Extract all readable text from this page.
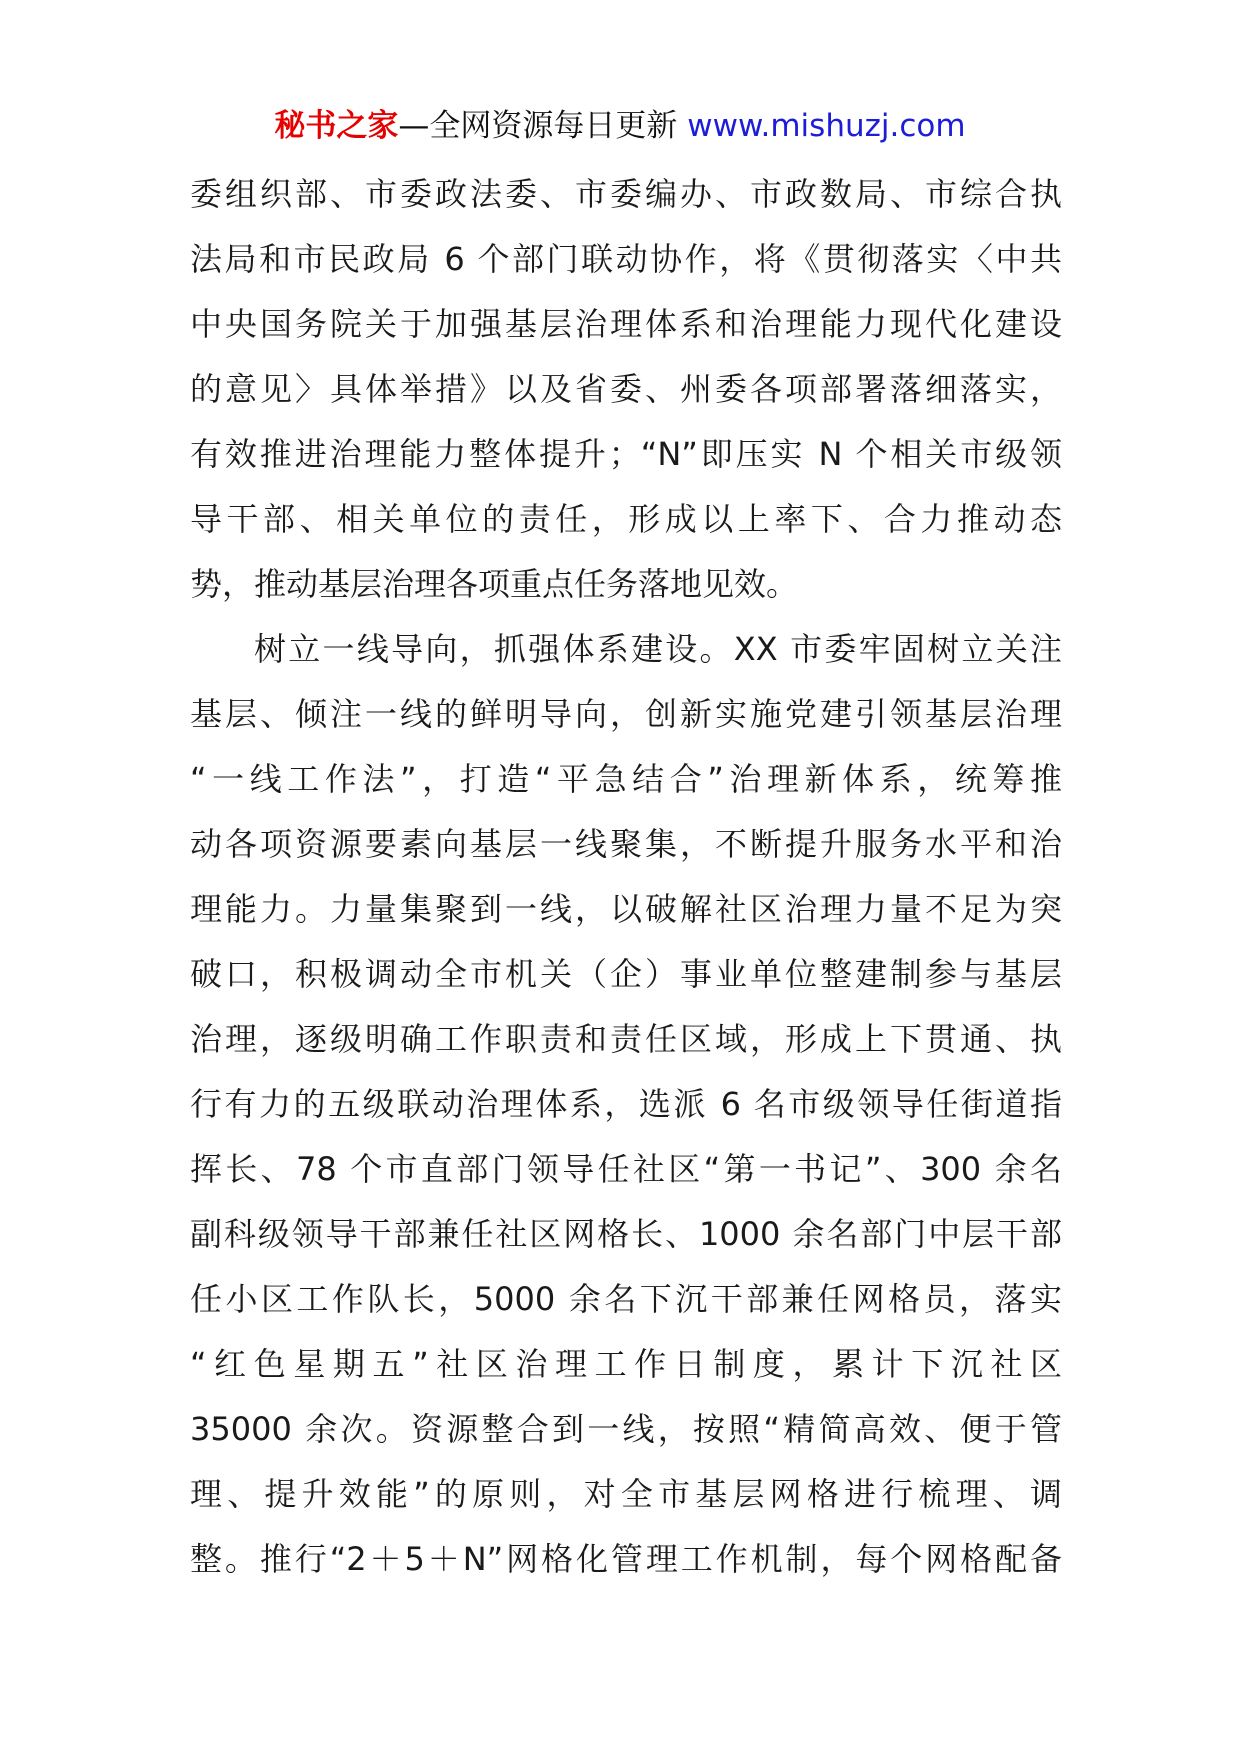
秘书之家—全网资源每日更新 www.mishuzj.com
委组织部、市委政法委、市委编办、市政数局、市综合执
法局和市民政局 6 个部门联动协作，将《贯彻落实〈中共
中央国务院关于加强基层治理体系和治理能力现代化建设
的意见〉具体举措》以及省委、州委各项部署落细落实，
有效推进治理能力整体提升；“N”即压实 N 个相关市级领
导干部、相关单位的责任，形成以上率下、合力推动态
势，推动基层治理各项重点任务落地见效。
树立一线导向，抓强体系建设。XX 市委牢固树立关注
基层、倾注一线的鲜明导向，创新实施党建引领基层治理
“一线工作法”，打造“平急结合”治理新体系，统筹推
动各项资源要素向基层一线聚集，不断提升服务水平和治
理能力。力量集聚到一线，以破解社区治理力量不足为突
破口，积极调动全市机关（企）事业单位整建制参与基层
治理，逐级明确工作职责和责任区域，形成上下贯通、执
行有力的五级联动治理体系，选派 6 名市级领导任街道指
挥长、78 个市直部门领导任社区“第一书记”、300 余名
副科级领导干部兼任社区网格长、1000 余名部门中层干部
任小区工作队长，5000 余名下沉干部兼任网格员，落实
“红色星期五”社区治理工作日制度，累计下沉社区
35000 余次。资源整合到一线，按照“精简高效、便于管
理、提升效能”的原则，对全市基层网格进行梳理、调
整。推行“2＋5＋N”网格化管理工作机制，每个网格配备
